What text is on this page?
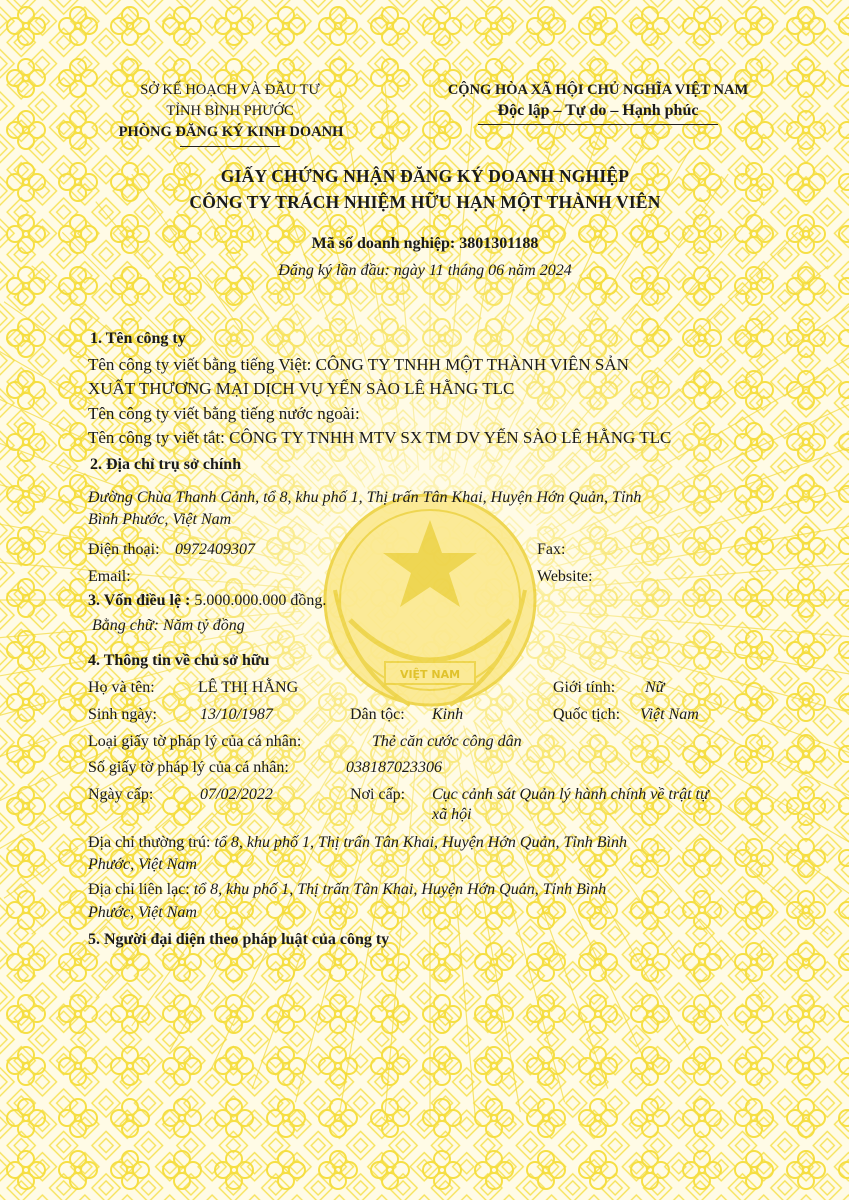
VIỆT NAM
SỞ KẾ HOẠCH VÀ ĐẦU TƯ
TỈNH BÌNH PHƯỚC
PHÒNG ĐĂNG KÝ KINH DOANH
CỘNG HÒA XÃ HỘI CHỦ NGHĨA VIỆT NAM
Độc lập – Tự do – Hạnh phúc
GIẤY CHỨNG NHẬN ĐĂNG KÝ DOANH NGHIỆP
CÔNG TY TRÁCH NHIỆM HỮU HẠN MỘT THÀNH VIÊN
Mã số doanh nghiệp: 3801301188
Đăng ký lần đầu: ngày 11 tháng 06 năm 2024
1. Tên công ty
Tên công ty viết bằng tiếng Việt: CÔNG TY TNHH MỘT THÀNH VIÊN SẢN
XUẤT THƯƠNG MẠI DỊCH VỤ YẾN SÀO LÊ HẰNG TLC
Tên công ty viết bằng tiếng nước ngoài:
Tên công ty viết tắt: CÔNG TY TNHH MTV SX TM DV YẾN SÀO LÊ HẰNG TLC
2. Địa chỉ trụ sở chính
Đường Chùa Thanh Cảnh, tổ 8, khu phố 1, Thị trấn Tân Khai, Huyện Hớn Quản, Tỉnh
Bình Phước, Việt Nam
Điện thoại: 0972409307	Fax:
Email:	Website:
3. Vốn điều lệ : 5.000.000.000 đồng.
Bằng chữ: Năm tỷ đồng
4. Thông tin về chủ sở hữu
Họ và tên:	LÊ THỊ HẰNG	Giới tính: Nữ
Sinh ngày:	13/10/1987	Dân tộc: Kinh	Quốc tịch: Việt Nam
Loại giấy tờ pháp lý của cá nhân:	Thẻ căn cước công dân
Số giấy tờ pháp lý của cá nhân:	038187023306
Ngày cấp:	07/02/2022	Nơi cấp: Cục cảnh sát Quản lý hành chính về trật tự
xã hội
Địa chỉ thường trú: tổ 8, khu phố 1, Thị trấn Tân Khai, Huyện Hớn Quản, Tỉnh Bình
Phước, Việt Nam
Địa chỉ liên lạc: tổ 8, khu phố 1, Thị trấn Tân Khai, Huyện Hớn Quản, Tỉnh Bình
Phước, Việt Nam
5. Người đại diện theo pháp luật của công ty
